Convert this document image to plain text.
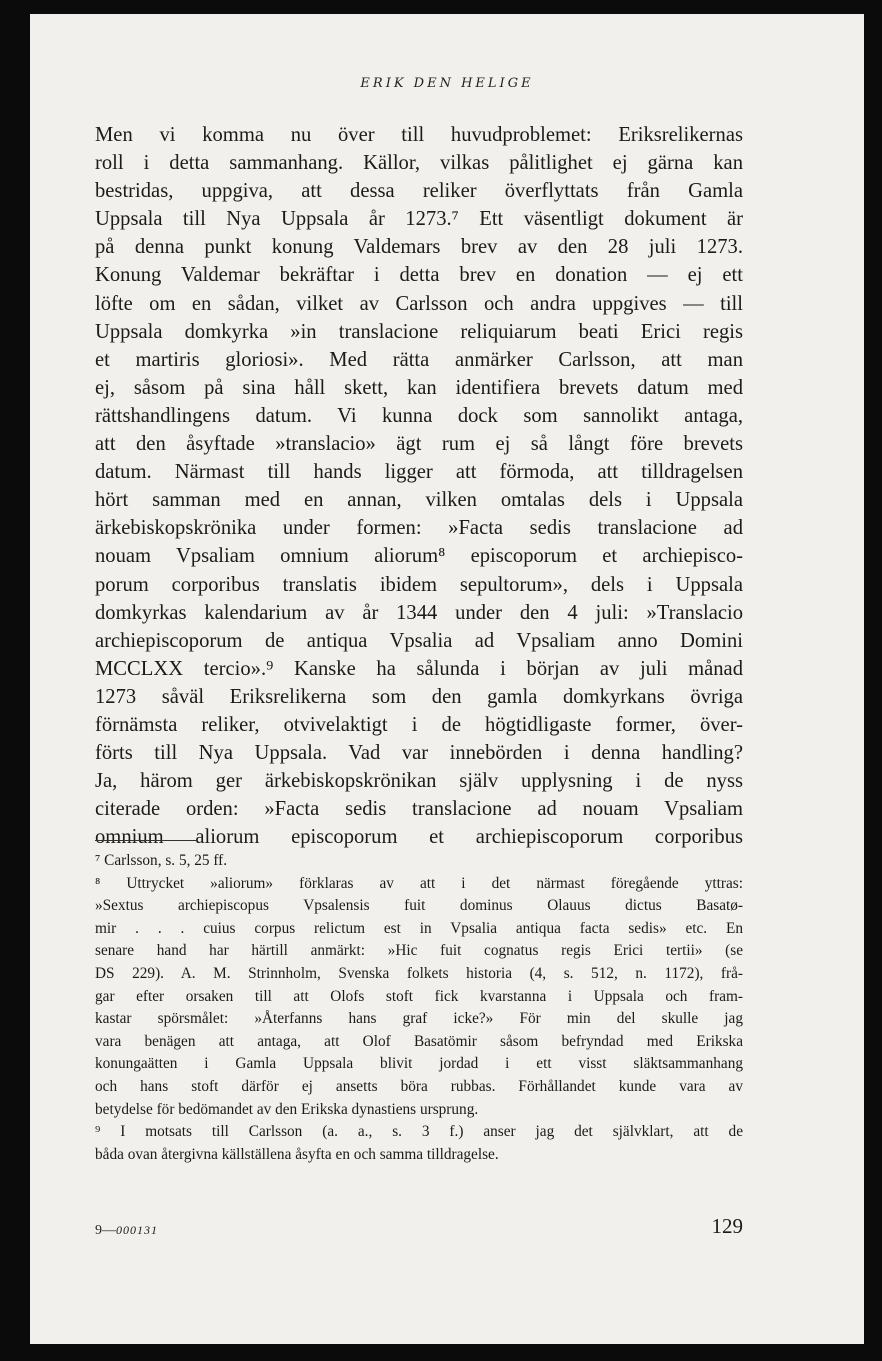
ERIK DEN HELIGE
Men vi komma nu över till huvudproblemet: Eriksrelikernas
roll i detta sammanhang. Källor, vilkas pålitlighet ej gärna kan
bestridas, uppgiva, att dessa reliker överflyttats från Gamla
Uppsala till Nya Uppsala år 1273.⁷ Ett väsentligt dokument är
på denna punkt konung Valdemars brev av den 28 juli 1273.
Konung Valdemar bekräftar i detta brev en donation — ej ett
löfte om en sådan, vilket av Carlsson och andra uppgives — till
Uppsala domkyrka »in translacione reliquiarum beati Erici regis
et martiris gloriosi». Med rätta anmärker Carlsson, att man
ej, såsom på sina håll skett, kan identifiera brevets datum med
rättshandlingens datum. Vi kunna dock som sannolikt antaga,
att den åsyftade »translacio» ägt rum ej så långt före brevets
datum. Närmast till hands ligger att förmoda, att tilldragelsen
hört samman med en annan, vilken omtalas dels i Uppsala
ärkebiskopskrönika under formen: »Facta sedis translacione ad
nouam Vpsaliam omnium aliorum⁸ episcoporum et archiepisco-
porum corporibus translatis ibidem sepultorum», dels i Uppsala
domkyrkas kalendarium av år 1344 under den 4 juli: »Translacio
archiepiscoporum de antiqua Vpsalia ad Vpsaliam anno Domini
MCCLXX tercio».⁹ Kanske ha sålunda i början av juli månad
1273 såväl Eriksrelikerna som den gamla domkyrkans övriga
förnämsta reliker, otvivelaktigt i de högtidligaste former, över-
förts till Nya Uppsala. Vad var innebörden i denna handling?
Ja, härom ger ärkebiskopskrönikan själv upplysning i de nyss
citerade orden: »Facta sedis translacione ad nouam Vpsaliam
omnium aliorum episcoporum et archiepiscoporum corporibus
⁷ Carlsson, s. 5, 25 ff.
⁸ Uttrycket »aliorum» förklaras av att i det närmast föregående yttras:
»Sextus archiepiscopus Vpsalensis fuit dominus Olauus dictus Basatø-
mir . . . cuius corpus relictum est in Vpsalia antiqua facta sedis» etc. En
senare hand har härtill anmärkt: »Hic fuit cognatus regis Erici tertii» (se
DS 229). A. M. Strinnholm, Svenska folkets historia (4, s. 512, n. 1172), frå-
gar efter orsaken till att Olofs stoft fick kvarstanna i Uppsala och fram-
kastar spörsmålet: »Återfanns hans graf icke?» För min del skulle jag
vara benägen att antaga, att Olof Basatömir såsom befryndad med Erikska
konungaätten i Gamla Uppsala blivit jordad i ett visst släktsammanhang
och hans stoft därför ej ansetts böra rubbas. Förhållandet kunde vara av
betydelse för bedömandet av den Erikska dynastiens ursprung.
⁹ I motsats till Carlsson (a. a., s. 3 f.) anser jag det självklart, att de
båda ovan återgivna källställena åsyfta en och samma tilldragelse.
9—000131	129
